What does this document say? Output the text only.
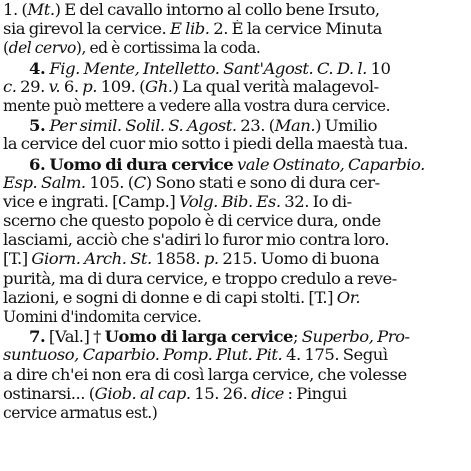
1. (Mt.) E del cavallo intorno al collo bene Irsuto,
sia girevol la cervice. E lib. 2. È la cervice Minuta
(del cervo), ed è cortissima la coda.
4. Fig. Mente, Intelletto. Sant'Agost. C. D. l. 10
c. 29. v. 6. p. 109. (Gh.) La qual verità malagevol-
mente può mettere a vedere alla vostra dura cervice.
5. Per simil. Solil. S. Agost. 23. (Man.) Umilio
la cervice del cuor mio sotto i piedi della maestà tua.
6. Uomo di dura cervice vale Ostinato, Caparbio.
Esp. Salm. 105. (C) Sono stati e sono di dura cer-
vice e ingrati. [Camp.] Volg. Bib. Es. 32. Io di-
scerno che questo popolo è di cervice dura, onde
lasciami, acciò che s'adiri lo furor mio contra loro.
[T.] Giorn. Arch. St. 1858. p. 215. Uomo di buona
purità, ma di dura cervice, e troppo credulo a reve-
lazioni, e sogni di donne e di capi stolti. [T.] Or.
Uomini d'indomita cervice.
7. [Val.] † Uomo di larga cervice; Superbo, Pro-
suntuoso, Caparbio. Pomp. Plut. Pit. 4. 175. Seguì
a dire ch'ei non era di così larga cervice, che volesse
ostinarsi... (Giob. al cap. 15. 26. dice : Pingui
cervice armatus est.)
